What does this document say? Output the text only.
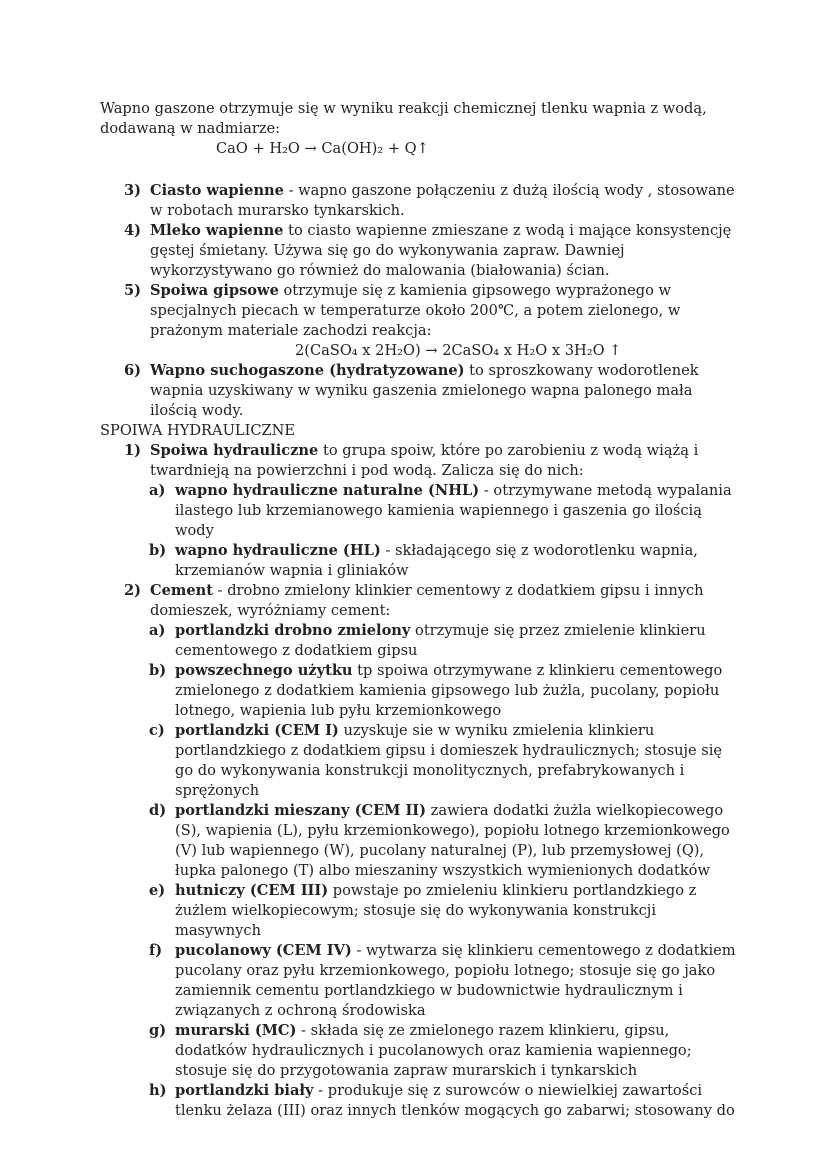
Wapno gaszone otrzymuje się w wyniku reakcji chemicznej tlenku wapnia z wodą, dodawaną w nadmiarze:

CaO + H₂O → Ca(OH)₂ + Q↑

3) Ciasto wapienne - wapno gaszone połączeniu z dużą ilością wody , stosowane w robotach murarsko tynkarskich.
4) Mleko wapienne to ciasto wapienne zmieszane z wodą i mające konsystencję gęstej śmietany. Używa się go do wykonywania zapraw. Dawniej wykorzystywano go również do malowania (białowania) ścian.
5) Spoiwa gipsowe otrzymuje się z kamienia gipsowego wyprażonego w specjalnych piecach w temperaturze około 200℃, a potem zielonego, w prażonym materiale zachodzi reakcja:

2(CaSO₄ x 2H₂O) → 2CaSO₄ x H₂O x 3H₂O ↑

6) Wapno suchogaszone (hydratyzowane) to sproszkowany wodorotlenek wapnia uzyskiwany w wyniku gaszenia zmielonego wapna palonego mała ilością wody.

SPOIWA HYDRAULICZNE

1) Spoiwa hydrauliczne to grupa spoiw, które po zarobieniu z wodą wiążą i twardnieją na powierzchni i pod wodą. Zalicza się do nich:
a) wapno hydrauliczne naturalne (NHL) - otrzymywane metodą wypalania ilastego lub krzemianowego kamienia wapiennego i gaszenia go ilością wody
b) wapno hydrauliczne (HL) - składającego się z wodorotlenku wapnia, krzemianów wapnia i gliniaków
2) Cement - drobno zmielony klinkier cementowy z dodatkiem gipsu i innych domieszek, wyróżniamy cement:
a) portlandzki drobno zmielony otrzymuje się przez zmielenie klinkieru cementowego z dodatkiem gipsu
b) powszechnego użytku tp spoiwa otrzymywane z klinkieru cementowego zmielonego z dodatkiem kamienia gipsowego lub żużla, pucolany, popiołu lotnego, wapienia lub pyłu krzemionkowego
c) portlandzki (CEM I) uzyskuje sie w wyniku zmielenia klinkieru portlandzkiego z dodatkiem gipsu i domieszek hydraulicznych; stosuje się go do wykonywania konstrukcji monolitycznych, prefabrykowanych i sprężonych
d) portlandzki mieszany (CEM II) zawiera dodatki żużla wielkopiecowego (S), wapienia (L), pyłu krzemionkowego), popiołu lotnego krzemionkowego (V) lub wapiennego (W), pucolany naturalnej (P), lub przemysłowej (Q), łupka palonego (T) albo mieszaniny wszystkich wymienionych dodatków
e) hutniczy (CEM III) powstaje po zmieleniu klinkieru portlandzkiego z żużlem wielkopiecowym; stosuje się do wykonywania konstrukcji masywnych
f) pucolanowy (CEM IV) - wytwarza się klinkieru cementowego z dodatkiem pucolany oraz pyłu krzemionkowego, popiołu lotnego; stosuje się go jako zamiennik cementu portlandzkiego w budownictwie hydraulicznym i związanych z ochroną środowiska
g) murarski (MC) - składa się ze zmielonego razem klinkieru, gipsu, dodatków hydraulicznych i pucolanowych oraz kamienia wapiennego; stosuje się do przygotowania zapraw murarskich i tynkarskich
h) portlandzki biały - produkuje się z surowców o niewielkiej zawartości tlenku żelaza (III) oraz innych tlenków mogących go zabarwi; stosowany do
